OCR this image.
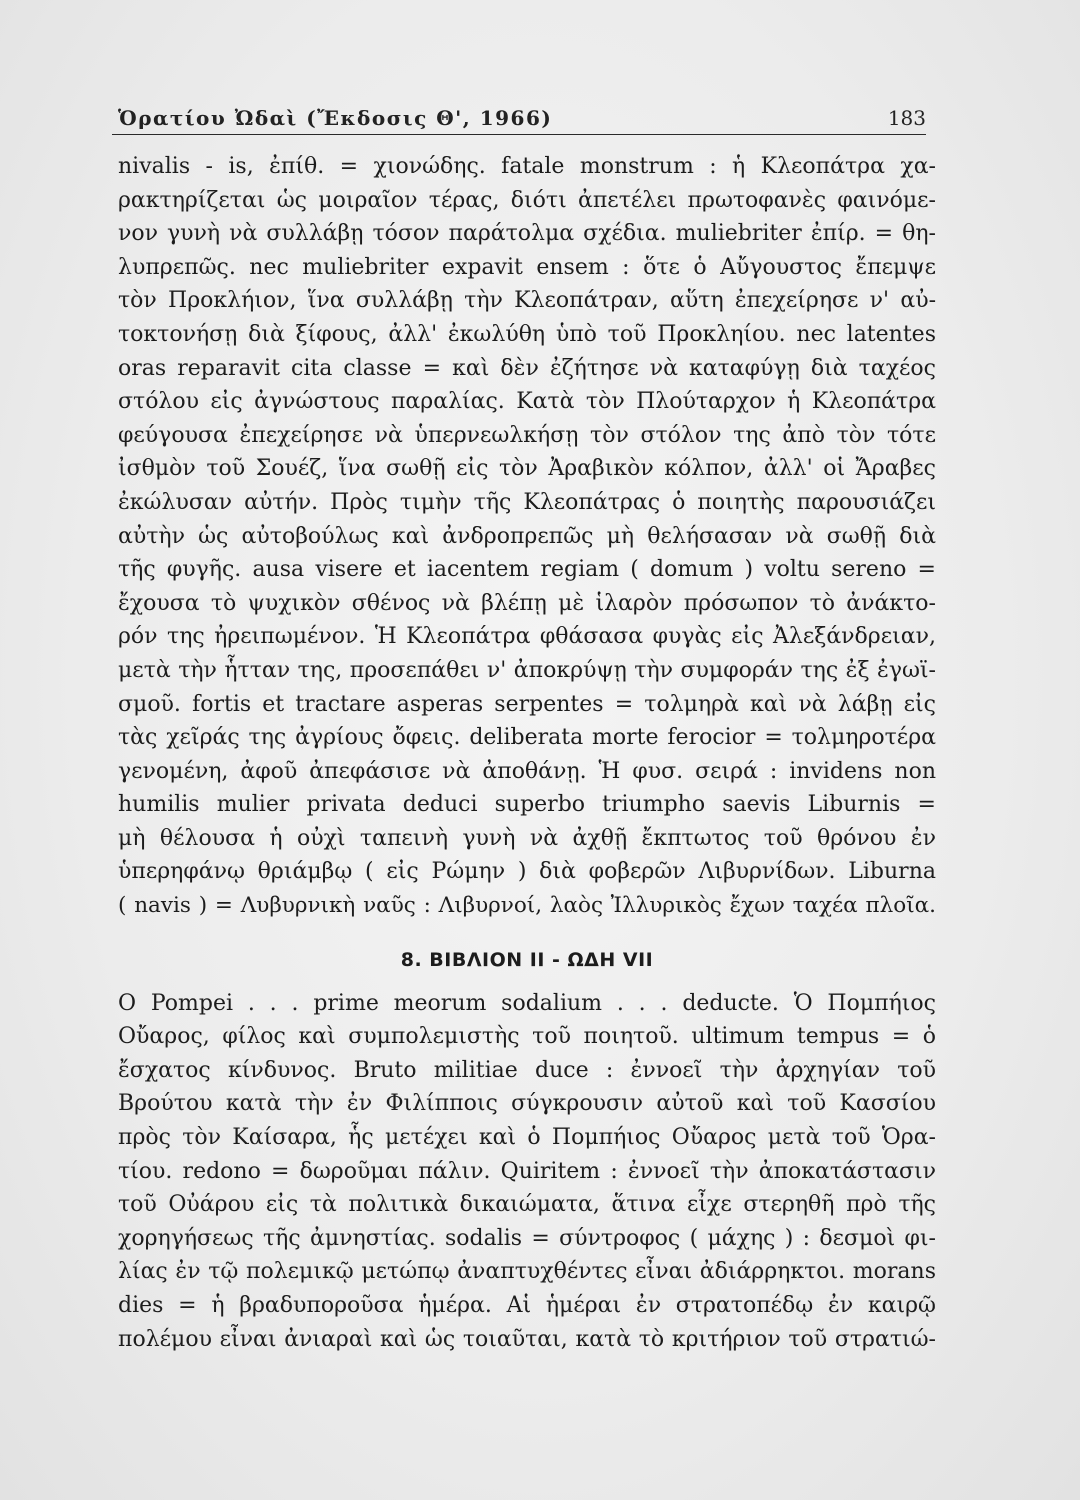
Ὁρατίου Ὠδαὶ (Ἔκδοσις Θ', 1966)	183
nivalis - is, ἐπίθ. = χιονώδης. fatale monstrum : ἡ Κλεοπάτρα χα-
ρακτηρίζεται ὡς μοιραῖον τέρας, διότι ἀπετέλει πρωτοφανὲς φαινόμε-
νον γυνὴ νὰ συλλάβῃ τόσον παράτολμα σχέδια. muliebriter ἐπίρ. = θη-
λυπρεπῶς. nec muliebriter expavit ensem : ὅτε ὁ Αὔγουστος ἔπεμψε
τὸν Προκλήιον, ἵνα συλλάβῃ τὴν Κλεοπάτραν, αὕτη ἐπεχείρησε ν' αὐ-
τοκτονήσῃ διὰ ξίφους, ἀλλ' ἐκωλύθη ὑπὸ τοῦ Προκληίου. nec latentes
oras reparavit cita classe = καὶ δὲν ἐζήτησε νὰ καταφύγῃ διὰ ταχέος
στόλου εἰς ἀγνώστους παραλίας. Κατὰ τὸν Πλούταρχον ἡ Κλεοπάτρα
φεύγουσα ἐπεχείρησε νὰ ὑπερνεωλκήσῃ τὸν στόλον της ἀπὸ τὸν τότε
ἰσθμὸν τοῦ Σουέζ, ἵνα σωθῇ εἰς τὸν Ἀραβικὸν κόλπον, ἀλλ' οἱ Ἄραβες
ἐκώλυσαν αὐτήν. Πρὸς τιμὴν τῆς Κλεοπάτρας ὁ ποιητὴς παρουσιάζει
αὐτὴν ὡς αὐτοβούλως καὶ ἀνδροπρεπῶς μὴ θελήσασαν νὰ σωθῇ διὰ
τῆς φυγῆς. ausa visere et iacentem regiam ( domum ) voltu sereno =
ἔχουσα τὸ ψυχικὸν σθένος νὰ βλέπῃ μὲ ἱλαρὸν πρόσωπον τὸ ἀνάκτο-
ρόν της ἠρειπωμένον. Ἡ Κλεοπάτρα φθάσασα φυγὰς εἰς Ἀλεξάνδρειαν,
μετὰ τὴν ἧτταν της, προσεπάθει ν' ἀποκρύψῃ τὴν συμφοράν της ἐξ ἐγωϊ-
σμοῦ. fortis et tractare asperas serpentes = τολμηρὰ καὶ νὰ λάβῃ εἰς
τὰς χεῖράς της ἀγρίους ὄφεις. deliberata morte ferocior = τολμηροτέρα
γενομένη, ἀφοῦ ἀπεφάσισε νὰ ἀποθάνῃ. Ἡ φυσ. σειρά : invidens non
humilis mulier privata deduci superbo triumpho saevis Liburnis =
μὴ θέλουσα ἡ οὐχὶ ταπεινὴ γυνὴ νὰ ἀχθῇ ἔκπτωτος τοῦ θρόνου ἐν
ὑπερηφάνῳ θριάμβῳ ( εἰς Ρώμην ) διὰ φοβερῶν Λιβυρνίδων. Liburna
( navis ) = Λυβυρνικὴ ναῦς : Λιβυρνοί, λαὸς Ἰλλυρικὸς ἔχων ταχέα πλοῖα.
8. ΒΙΒΛΙΟΝ ΙΙ - ΩΔΗ VII
O Pompei . . . prime meorum sodalium . . . deducte. Ὁ Πομπήιος
Οὔαρος, φίλος καὶ συμπολεμιστὴς τοῦ ποιητοῦ. ultimum tempus = ὁ
ἔσχατος κίνδυνος. Bruto militiae duce : ἐννοεῖ τὴν ἀρχηγίαν τοῦ
Βρούτου κατὰ τὴν ἐν Φιλίπποις σύγκρουσιν αὐτοῦ καὶ τοῦ Κασσίου
πρὸς τὸν Καίσαρα, ἧς μετέχει καὶ ὁ Πομπήιος Οὔαρος μετὰ τοῦ Ὁρα-
τίου. redono = δωροῦμαι πάλιν. Quiritem : ἐννοεῖ τὴν ἀποκατάστασιν
τοῦ Οὐάρου εἰς τὰ πολιτικὰ δικαιώματα, ἅτινα εἶχε στερηθῆ πρὸ τῆς
χορηγήσεως τῆς ἀμνηστίας. sodalis = σύντροφος ( μάχης ) : δεσμοὶ φι-
λίας ἐν τῷ πολεμικῷ μετώπῳ ἀναπτυχθέντες εἶναι ἀδιάρρηκτοι. morans
dies = ἡ βραδυποροῦσα ἡμέρα. Αἱ ἡμέραι ἐν στρατοπέδῳ ἐν καιρῷ
πολέμου εἶναι ἀνιαραὶ καὶ ὡς τοιαῦται, κατὰ τὸ κριτήριον τοῦ στρατιώ-
